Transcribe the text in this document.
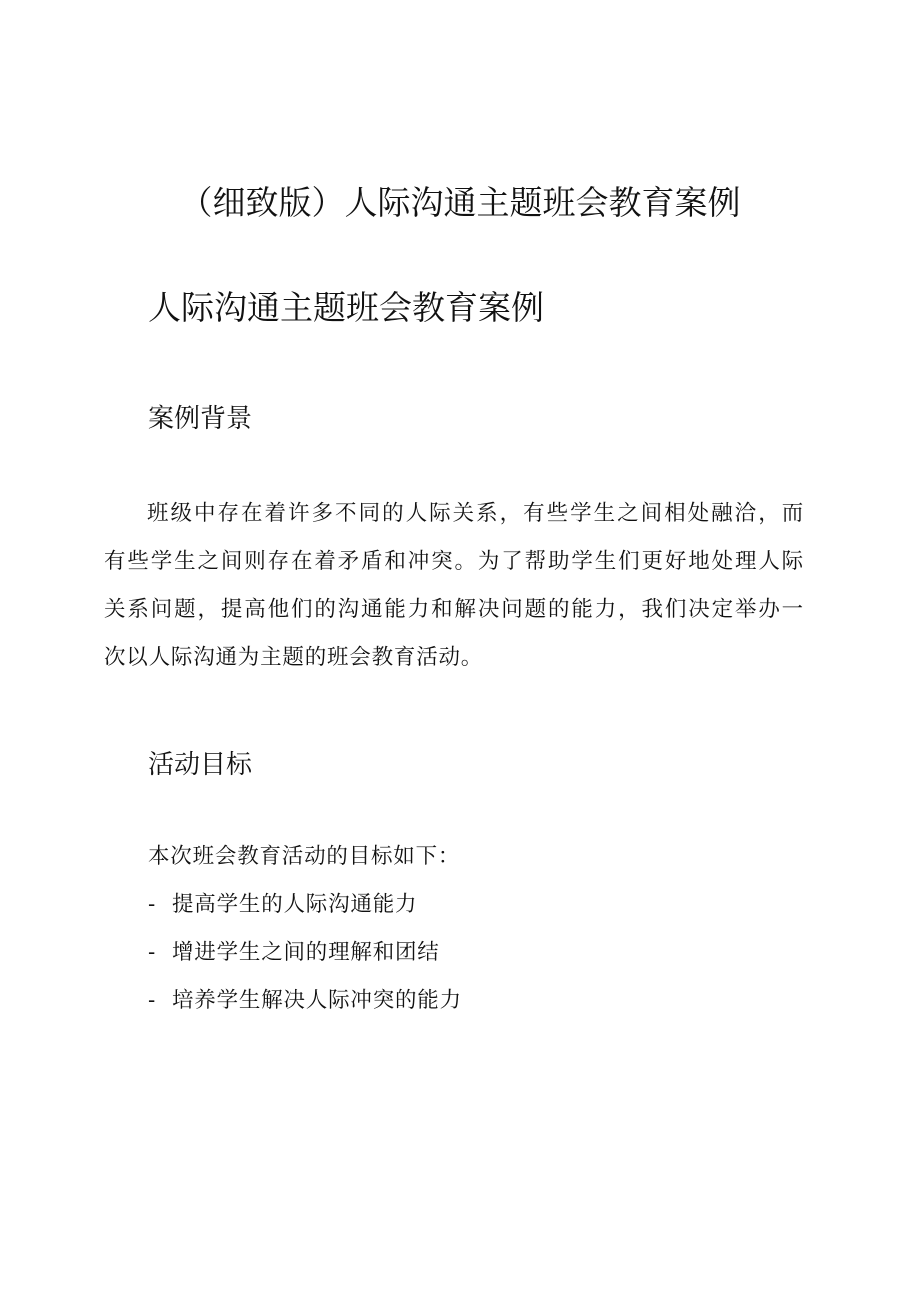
（细致版）人际沟通主题班会教育案例
人际沟通主题班会教育案例
案例背景

班级中存在着许多不同的人际关系，有些学生之间相处融洽，而
有些学生之间则存在着矛盾和冲突。为了帮助学生们更好地处理人际
关系问题，提高他们的沟通能力和解决问题的能力，我们决定举办一
次以人际沟通为主题的班会教育活动。

活动目标

本次班会教育活动的目标如下：

- 提高学生的人际沟通能力
- 增进学生之间的理解和团结
- 培养学生解决人际冲突的能力
